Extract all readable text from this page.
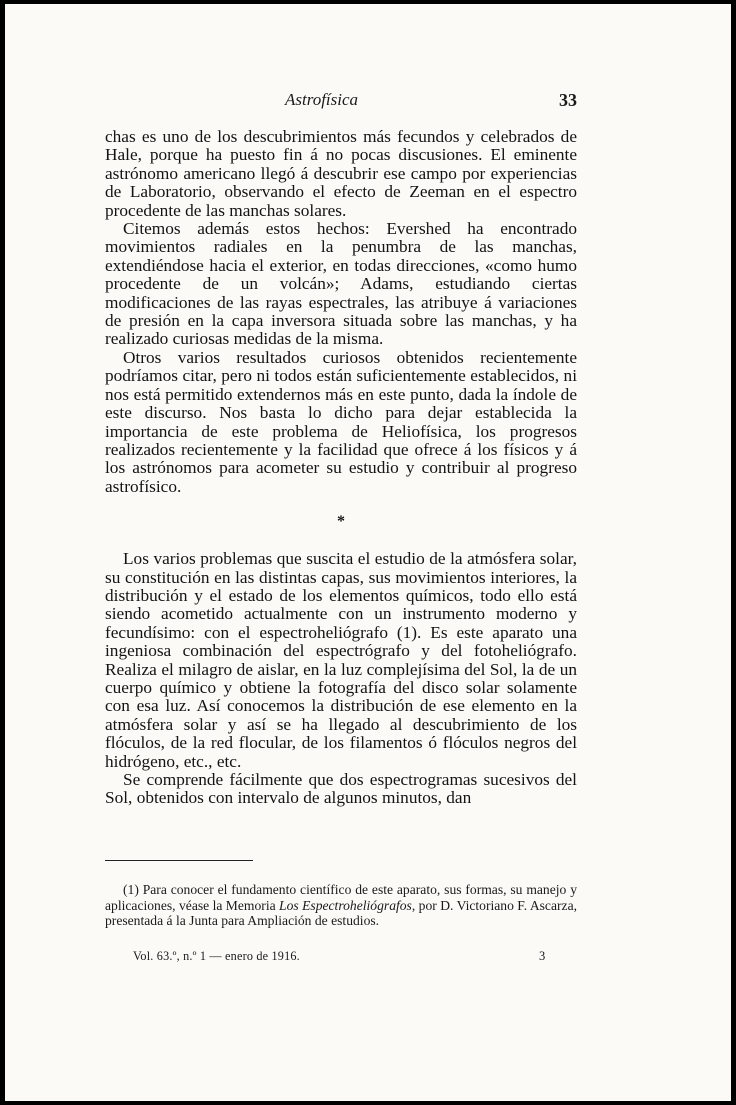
Astrofísica	33

chas es uno de los descubrimientos más fecundos y celebrados de Hale, porque ha puesto fin á no pocas discusiones. El eminente astrónomo americano llegó á descubrir ese campo por experiencias de Laboratorio, observando el efecto de Zeeman en el espectro procedente de las manchas solares.

Citemos además estos hechos: Evershed ha encontrado movimientos radiales en la penumbra de las manchas, extendiéndose hacia el exterior, en todas direcciones, «como humo procedente de un volcán»; Adams, estudiando ciertas modificaciones de las rayas espectrales, las atribuye á variaciones de presión en la capa inversora situada sobre las manchas, y ha realizado curiosas medidas de la misma.

Otros varios resultados curiosos obtenidos recientemente podríamos citar, pero ni todos están suficientemente establecidos, ni nos está permitido extendernos más en este punto, dada la índole de este discurso. Nos basta lo dicho para dejar establecida la importancia de este problema de Heliofísica, los progresos realizados recientemente y la facilidad que ofrece á los físicos y á los astrónomos para acometer su estudio y contribuir al progreso astrofísico.

*

Los varios problemas que suscita el estudio de la atmósfera solar, su constitución en las distintas capas, sus movimientos interiores, la distribución y el estado de los elementos químicos, todo ello está siendo acometido actualmente con un instrumento moderno y fecundísimo: con el espectroheliógrafo (1). Es este aparato una ingeniosa combinación del espectrógrafo y del fotoheliógrafo. Realiza el milagro de aislar, en la luz complejísima del Sol, la de un cuerpo químico y obtiene la fotografía del disco solar solamente con esa luz. Así conocemos la distribución de ese elemento en la atmósfera solar y así se ha llegado al descubrimiento de los flóculos, de la red flocular, de los filamentos ó flóculos negros del hidrógeno, etc., etc.

Se comprende fácilmente que dos espectrogramas sucesivos del Sol, obtenidos con intervalo de algunos minutos, dan

(1) Para conocer el fundamento científico de este aparato, sus formas, su manejo y aplicaciones, véase la Memoria Los Espectroheliógrafos, por D. Victoriano F. Ascarza, presentada á la Junta para Ampliación de estudios.
Vol. 63.º, n.º 1 — enero de 1916.	3
